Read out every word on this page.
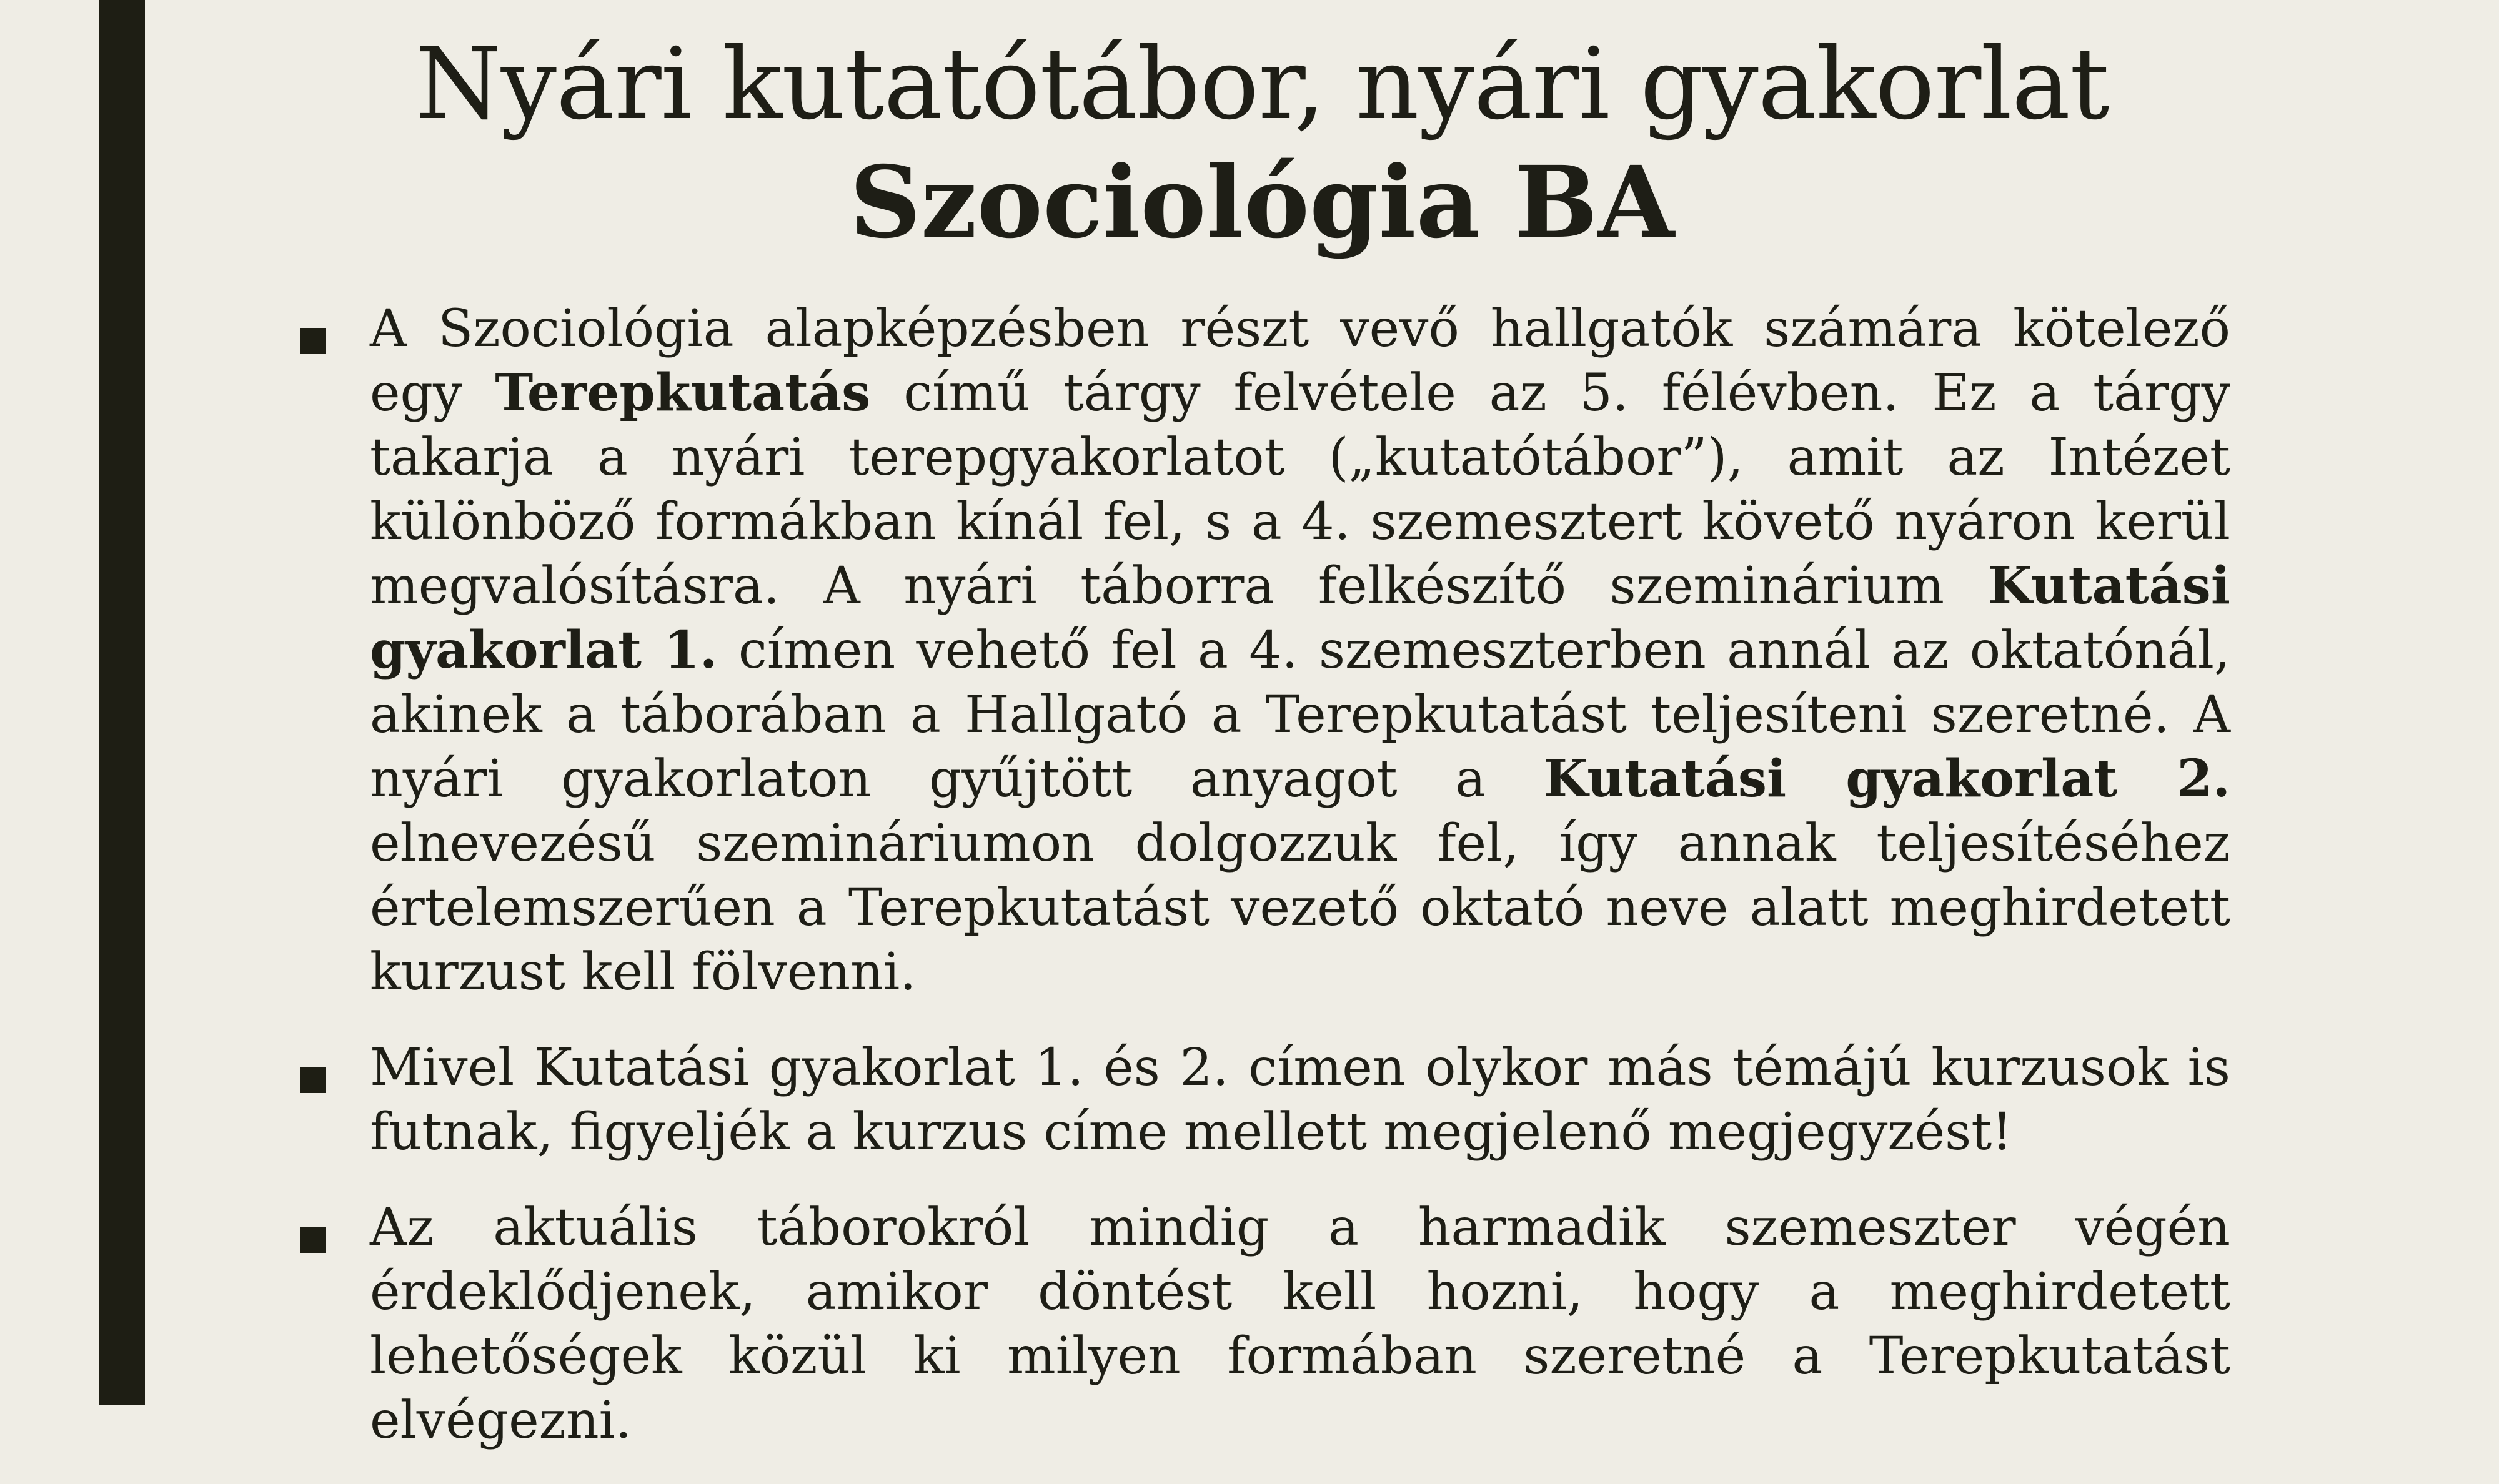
Nyári kutatótábor, nyári gyakorlat
Szociológia BA
A Szociológia alapképzésben részt vevő hallgatók számára kötelező egy Terepkutatás című tárgy felvétele az 5. félévben. Ez a tárgy takarja a nyári terepgyakorlatot („kutatótábor”), amit az Intézet különböző formákban kínál fel, s a 4. szemesztert követő nyáron kerül megvalósításra. A nyári táborra felkészítő szeminárium Kutatási gyakorlat 1. címen vehető fel a 4. szemeszterben annál az oktatónál, akinek a táborában a Hallgató a Terepkutatást teljesíteni szeretné. A nyári gyakorlaton gyűjtött anyagot a Kutatási gyakorlat 2. elnevezésű szemináriumon dolgozzuk fel, így annak teljesítéséhez értelemszerűen a Terepkutatást vezető oktató neve alatt meghirdetett kurzust kell fölvenni.
Mivel Kutatási gyakorlat 1. és 2. címen olykor más témájú kurzusok is futnak, figyeljék a kurzus címe mellett megjelenő megjegyzést!
Az aktuális táborokról mindig a harmadik szemeszter végén érdeklődjenek, amikor döntést kell hozni, hogy a meghirdetett lehetőségek közül ki milyen formában szeretné a Terepkutatást elvégezni.
